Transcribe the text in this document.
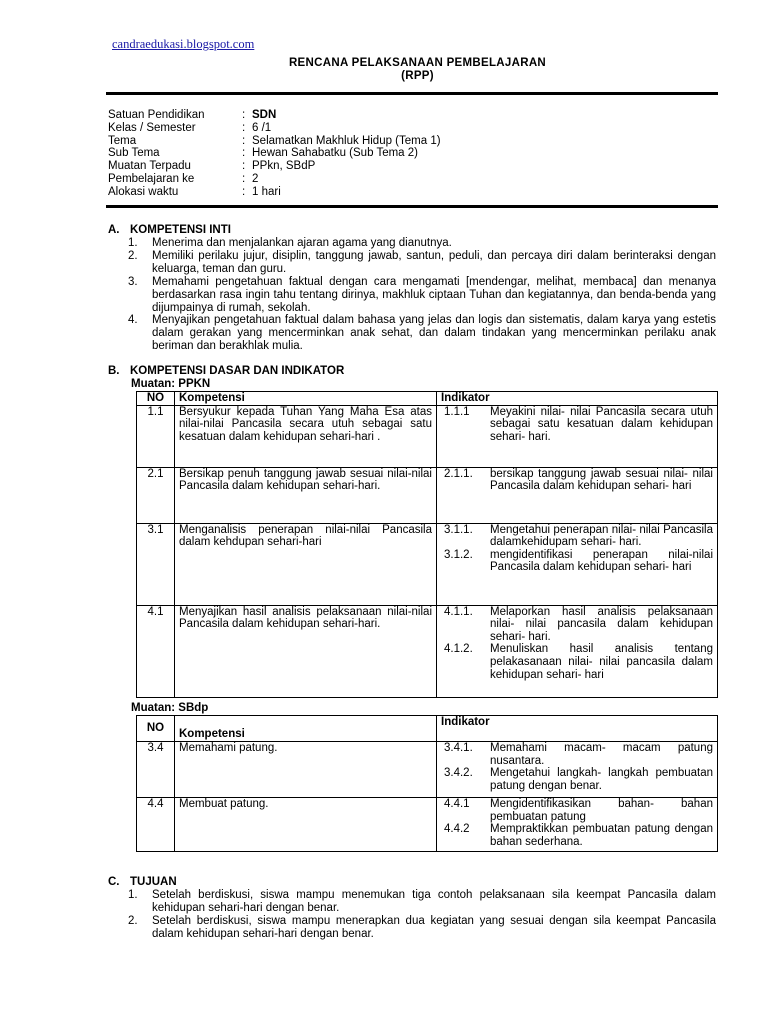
candraedukasi.blogspot.com
RENCANA PELAKSANAAN PEMBELAJARAN
(RPP)
Satuan Pendidikan	: SDN
Kelas / Semester	: 6 /1
Tema	: Selamatkan Makhluk Hidup (Tema 1)
Sub Tema	: Hewan Sahabatku (Sub Tema 2)
Muatan Terpadu	: PPkn, SBdP
Pembelajaran ke	: 2
Alokasi waktu	: 1 hari
A. KOMPETENSI INTI
1.	Menerima dan menjalankan ajaran agama yang dianutnya.
2.	Memiliki perilaku jujur, disiplin, tanggung jawab, santun, peduli, dan percaya diri dalam berinteraksi dengan keluarga, teman dan guru.
3.	Memahami pengetahuan faktual dengan cara mengamati [mendengar, melihat, membaca] dan menanya berdasarkan rasa ingin tahu tentang dirinya, makhluk ciptaan Tuhan dan kegiatannya, dan benda-benda yang dijumpainya di rumah, sekolah.
4.	Menyajikan pengetahuan faktual dalam bahasa yang jelas dan logis dan sistematis, dalam karya yang estetis dalam gerakan yang mencerminkan anak sehat, dan dalam tindakan yang mencerminkan perilaku anak beriman dan berakhlak mulia.
B. KOMPETENSI DASAR DAN INDIKATOR
Muatan: PPKN
NO	Kompetensi	Indikator
1.1	Bersyukur kepada Tuhan Yang Maha Esa atas nilai-nilai Pancasila secara utuh sebagai satu kesatuan dalam kehidupan sehari-hari .	1.1.1 Meyakini nilai- nilai Pancasila secara utuh sebagai satu kesatuan dalam kehidupan sehari- hari.

2.1	Bersikap penuh tanggung jawab sesuai nilai-nilai Pancasila dalam kehidupan sehari-hari.	2.1.1. bersikap tanggung jawab sesuai nilai- nilai Pancasila dalam kehidupan sehari- hari

3.1	Menganalisis penerapan nilai-nilai Pancasila dalam kehdupan sehari-hari	3.1.1. Mengetahui penerapan nilai- nilai Pancasila dalamkehidupam sehari- hari.
3.1.2. mengidentifikasi penerapan nilai-nilai Pancasila dalam kehidupan sehari- hari

4.1	Menyajikan hasil analisis pelaksanaan nilai-nilai Pancasila dalam kehidupan sehari-hari.	4.1.1. Melaporkan hasil analisis pelaksanaan nilai- nilai pancasila dalam kehidupan sehari- hari.
4.1.2. Menuliskan hasil analisis tentang pelakasanaan nilai- nilai pancasila dalam kehidupan sehari- hari
Muatan: SBdp
NO	Kompetensi	Indikator
3.4	Memahami patung.	3.4.1. Memahami macam- macam patung nusantara.
3.4.2. Mengetahui langkah- langkah pembuatan patung dengan benar.

4.4	Membuat patung.	4.4.1 Mengidentifikasikan bahan- bahan pembuatan patung
4.4.2 Mempraktikkan pembuatan patung dengan bahan sederhana.
C. TUJUAN
1.	Setelah berdiskusi, siswa mampu menemukan tiga contoh pelaksanaan sila keempat Pancasila dalam kehidupan sehari-hari dengan benar.
2.	Setelah berdiskusi, siswa mampu menerapkan dua kegiatan yang sesuai dengan sila keempat Pancasila dalam kehidupan sehari-hari dengan benar.
